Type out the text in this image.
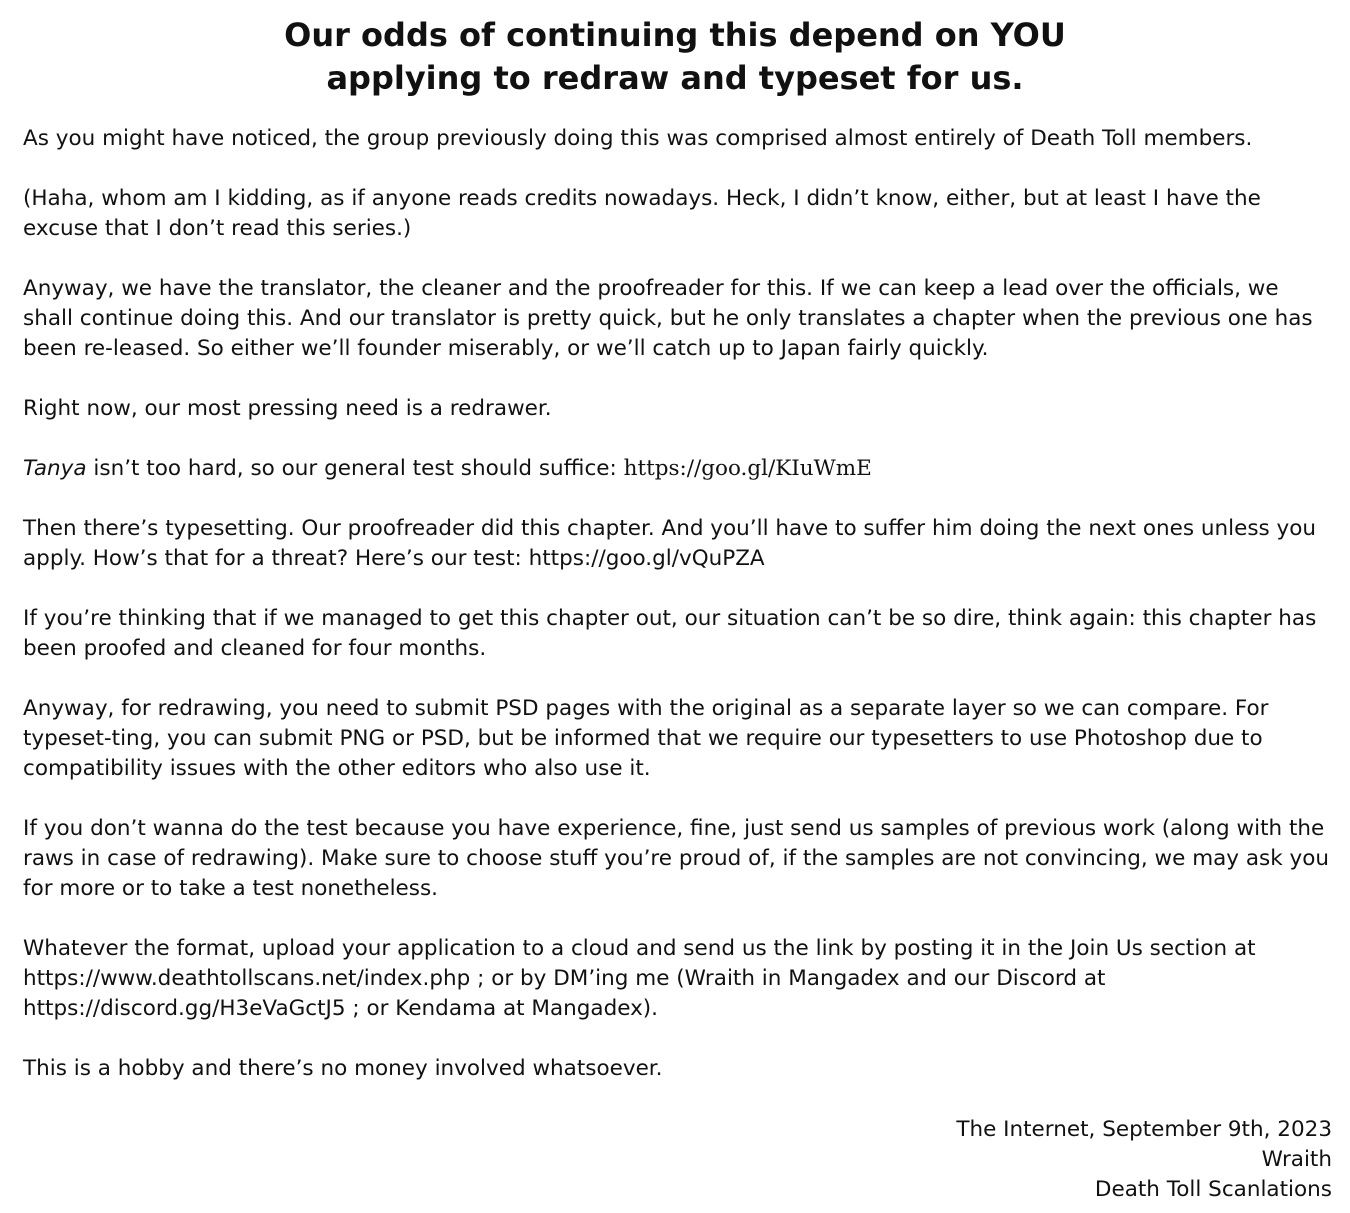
Our odds of continuing this depend on YOU
applying to redraw and typeset for us.

As you might have noticed, the group previously doing this was comprised almost entirely of Death Toll members.

(Haha, whom am I kidding, as if anyone reads credits nowadays. Heck, I didn’t know, either, but at least I have the excuse that I don’t read this series.)

Anyway, we have the translator, the cleaner and the proofreader for this. If we can keep a lead over the officials, we shall continue doing this. And our translator is pretty quick, but he only translates a chapter when the previous one has been re-leased. So either we’ll founder miserably, or we’ll catch up to Japan fairly quickly.

Right now, our most pressing need is a redrawer.

Tanya isn’t too hard, so our general test should suffice: https://goo.gl/KIuWmE

Then there’s typesetting. Our proofreader did this chapter. And you’ll have to suffer him doing the next ones unless you apply. How’s that for a threat? Here’s our test: https://goo.gl/vQuPZA

If you’re thinking that if we managed to get this chapter out, our situation can’t be so dire, think again: this chapter has been proofed and cleaned for four months.

Anyway, for redrawing, you need to submit PSD pages with the original as a separate layer so we can compare. For typeset-ting, you can submit PNG or PSD, but be informed that we require our typesetters to use Photoshop due to compatibility issues with the other editors who also use it.

If you don’t wanna do the test because you have experience, fine, just send us samples of previous work (along with the raws in case of redrawing). Make sure to choose stuff you’re proud of, if the samples are not convincing, we may ask you for more or to take a test nonetheless.

Whatever the format, upload your application to a cloud and send us the link by posting it in the Join Us section at https://www.deathtollscans.net/index.php ; or by DM’ing me (Wraith in Mangadex and our Discord at https://discord.gg/H3eVaGctJ5 ; or Kendama at Mangadex).

This is a hobby and there’s no money involved whatsoever.

The Internet, September 9th, 2023
Wraith
Death Toll Scanlations
